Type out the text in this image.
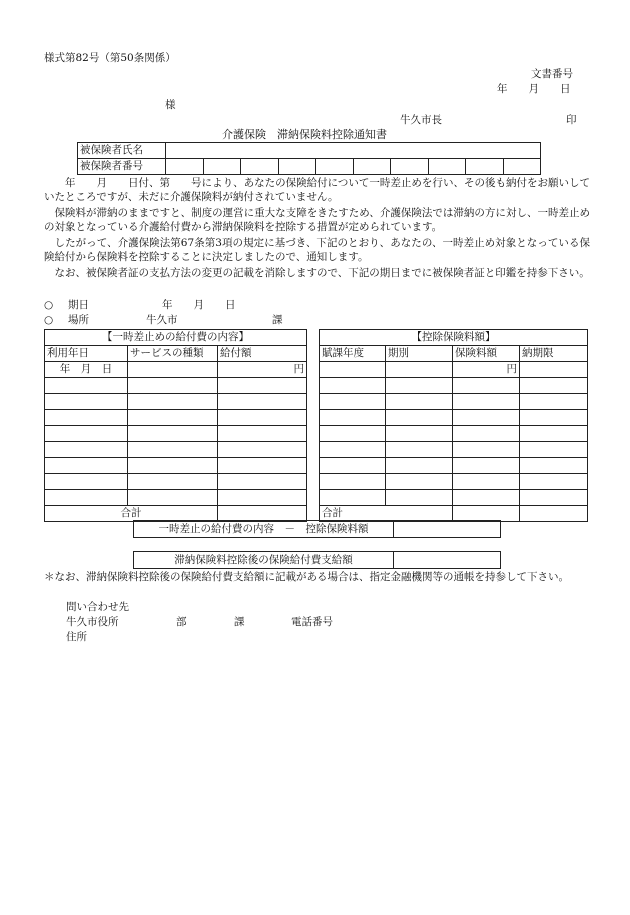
様式第82号（第50条関係）
文書番号
年　　月　　日
様
牛久市長	印
介護保険　滞納保険料控除通知書
被保険者氏名										
被保険者番号										
　　年　　月　　日付、第　　号により、あなたの保険給付について一時差止めを行い、その後も納付をお願いしていたところですが、未だに介護保険料が納付されていません。
　保険料が滞納のままですと、制度の運営に重大な支障をきたすため、介護保険法では滞納の方に対し、一時差止めの対象となっている介護給付費から滞納保険料を控除する措置が定められています。
　したがって、介護保険法第67条第3項の規定に基づき、下記のとおり、あなたの、一時差止め対象となっている保険給付から保険料を控除することに決定しましたので、通知します。
　なお、被保険者証の支払方法の変更の記載を消除しますので、下記の期日までに被保険者証と印鑑を持参下さい。
○ 期日	年　　月　　日
○ 場所	牛久市	課
【一時差止めの給付費の内容】		
利用年日	サービスの種類	給付額
年　月　日		円

合計		
【控除保険料額】			
賦課年度	期別	保険料額	納期限
		円	

合計			
一時差止の給付費の内容　－　控除保険料額
滞納保険料控除後の保険給付費支給額
＊なお、滞納保険料控除後の保険給付費支給額に記載がある場合は、指定金融機関等の通帳を持参して下さい。
問い合わせ先
牛久市役所	部	課	電話番号
住所
